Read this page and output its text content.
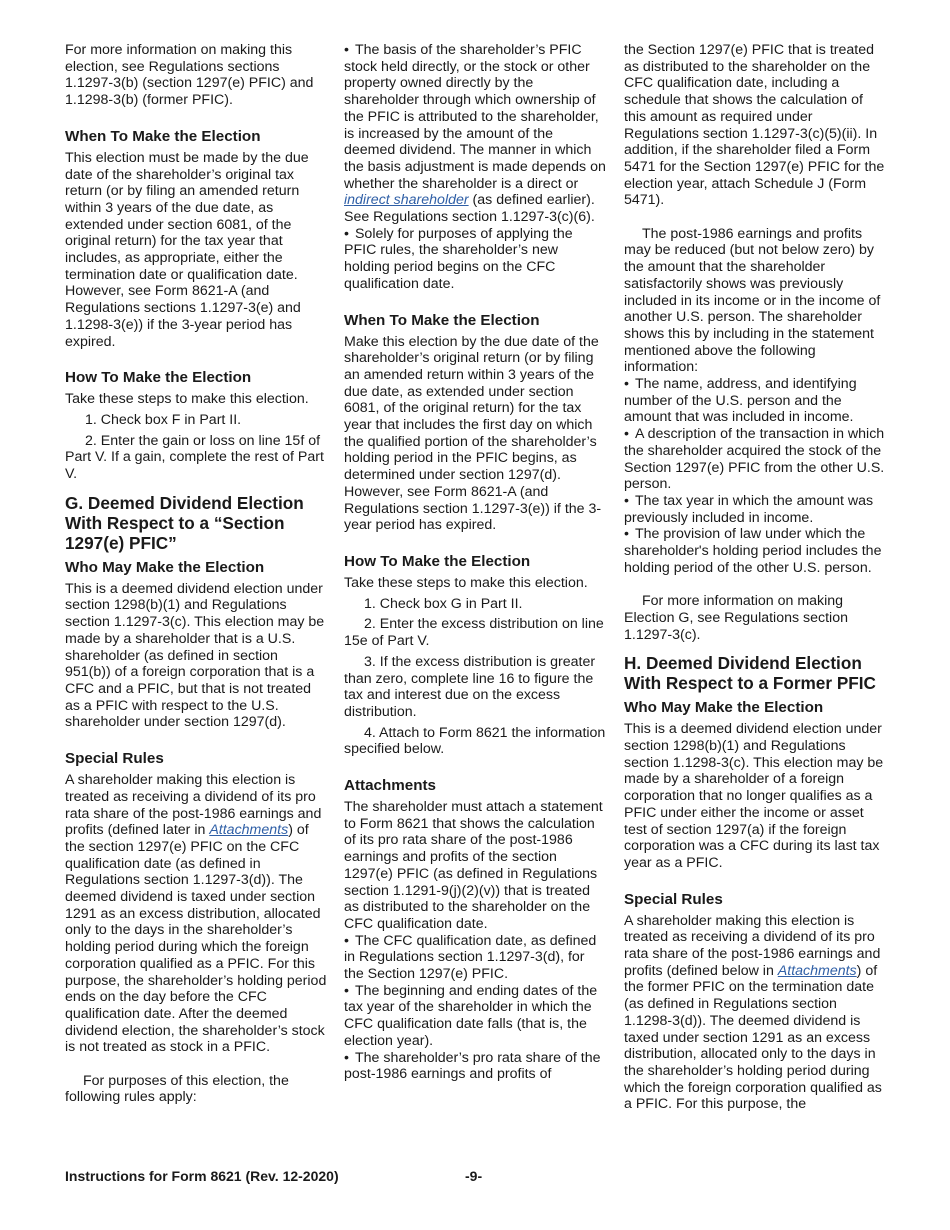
For more information on making this election, see Regulations sections 1.1297-3(b) (section 1297(e) PFIC) and 1.1298-3(b) (former PFIC).

When To Make the Election

This election must be made by the due date of the shareholder’s original tax return (or by filing an amended return within 3 years of the due date, as extended under section 6081, of the original return) for the tax year that includes, as appropriate, either the termination date or qualification date. However, see Form 8621-A (and Regulations sections 1.1297-3(e) and 1.1298-3(e)) if the 3-year period has expired.

How To Make the Election

Take these steps to make this election.

1. Check box F in Part II.

2. Enter the gain or loss on line 15f of Part V. If a gain, complete the rest of Part V.

G. Deemed Dividend Election With Respect to a “Section 1297(e) PFIC”
Who May Make the Election

This is a deemed dividend election under section 1298(b)(1) and Regulations section 1.1297-3(c). This election may be made by a shareholder that is a U.S. shareholder (as defined in section 951(b)) of a foreign corporation that is a CFC and a PFIC, but that is not treated as a PFIC with respect to the U.S. shareholder under section 1297(d).

Special Rules

A shareholder making this election is treated as receiving a dividend of its pro rata share of the post-1986 earnings and profits (defined later in Attachments) of the section 1297(e) PFIC on the CFC qualification date (as defined in Regulations section 1.1297-3(d)). The deemed dividend is taxed under section 1291 as an excess distribution, allocated only to the days in the shareholder’s holding period during which the foreign corporation qualified as a PFIC. For this purpose, the shareholder’s holding period ends on the day before the CFC qualification date. After the deemed dividend election, the shareholder’s stock is not treated as stock in a PFIC.

For purposes of this election, the following rules apply:

• The basis of the shareholder’s PFIC stock held directly, or the stock or other property owned directly by the shareholder through which ownership of the PFIC is attributed to the shareholder, is increased by the amount of the deemed dividend. The manner in which the basis adjustment is made depends on whether the shareholder is a direct or indirect shareholder (as defined earlier). See Regulations section 1.1297-3(c)(6).

• Solely for purposes of applying the PFIC rules, the shareholder’s new holding period begins on the CFC qualification date.

When To Make the Election

Make this election by the due date of the shareholder’s original return (or by filing an amended return within 3 years of the due date, as extended under section 6081, of the original return) for the tax year that includes the first day on which the qualified portion of the shareholder’s holding period in the PFIC begins, as determined under section 1297(d). However, see Form 8621-A (and Regulations section 1.1297-3(e)) if the 3-year period has expired.

How To Make the Election

Take these steps to make this election.

1. Check box G in Part II.

2. Enter the excess distribution on line 15e of Part V.

3. If the excess distribution is greater than zero, complete line 16 to figure the tax and interest due on the excess distribution.

4. Attach to Form 8621 the information specified below.

Attachments

The shareholder must attach a statement to Form 8621 that shows the calculation of its pro rata share of the post-1986 earnings and profits of the section 1297(e) PFIC (as defined in Regulations section 1.1291-9(j)(2)(v)) that is treated as distributed to the shareholder on the CFC qualification date.

• The CFC qualification date, as defined in Regulations section 1.1297-3(d), for the Section 1297(e) PFIC.

• The beginning and ending dates of the tax year of the shareholder in which the CFC qualification date falls (that is, the election year).

• The shareholder’s pro rata share of the post-1986 earnings and profits of

the Section 1297(e) PFIC that is treated as distributed to the shareholder on the CFC qualification date, including a schedule that shows the calculation of this amount as required under Regulations section 1.1297-3(c)(5)(ii). In addition, if the shareholder filed a Form 5471 for the Section 1297(e) PFIC for the election year, attach Schedule J (Form 5471).

The post-1986 earnings and profits may be reduced (but not below zero) by the amount that the shareholder satisfactorily shows was previously included in its income or in the income of another U.S. person. The shareholder shows this by including in the statement mentioned above the following information:

• The name, address, and identifying number of the U.S. person and the amount that was included in income.

• A description of the transaction in which the shareholder acquired the stock of the Section 1297(e) PFIC from the other U.S. person.

• The tax year in which the amount was previously included in income.

• The provision of law under which the shareholder's holding period includes the holding period of the other U.S. person.

For more information on making Election G, see Regulations section 1.1297-3(c).

H. Deemed Dividend Election With Respect to a Former PFIC
Who May Make the Election

This is a deemed dividend election under section 1298(b)(1) and Regulations section 1.1298-3(c). This election may be made by a shareholder of a foreign corporation that no longer qualifies as a PFIC under either the income or asset test of section 1297(a) if the foreign corporation was a CFC during its last tax year as a PFIC.

Special Rules

A shareholder making this election is treated as receiving a dividend of its pro rata share of the post-1986 earnings and profits (defined below in Attachments) of the former PFIC on the termination date (as defined in Regulations section 1.1298-3(d)). The deemed dividend is taxed under section 1291 as an excess distribution, allocated only to the days in the shareholder’s holding period during which the foreign corporation qualified as a PFIC. For this purpose, the

Instructions for Form 8621 (Rev. 12-2020)	-9-
